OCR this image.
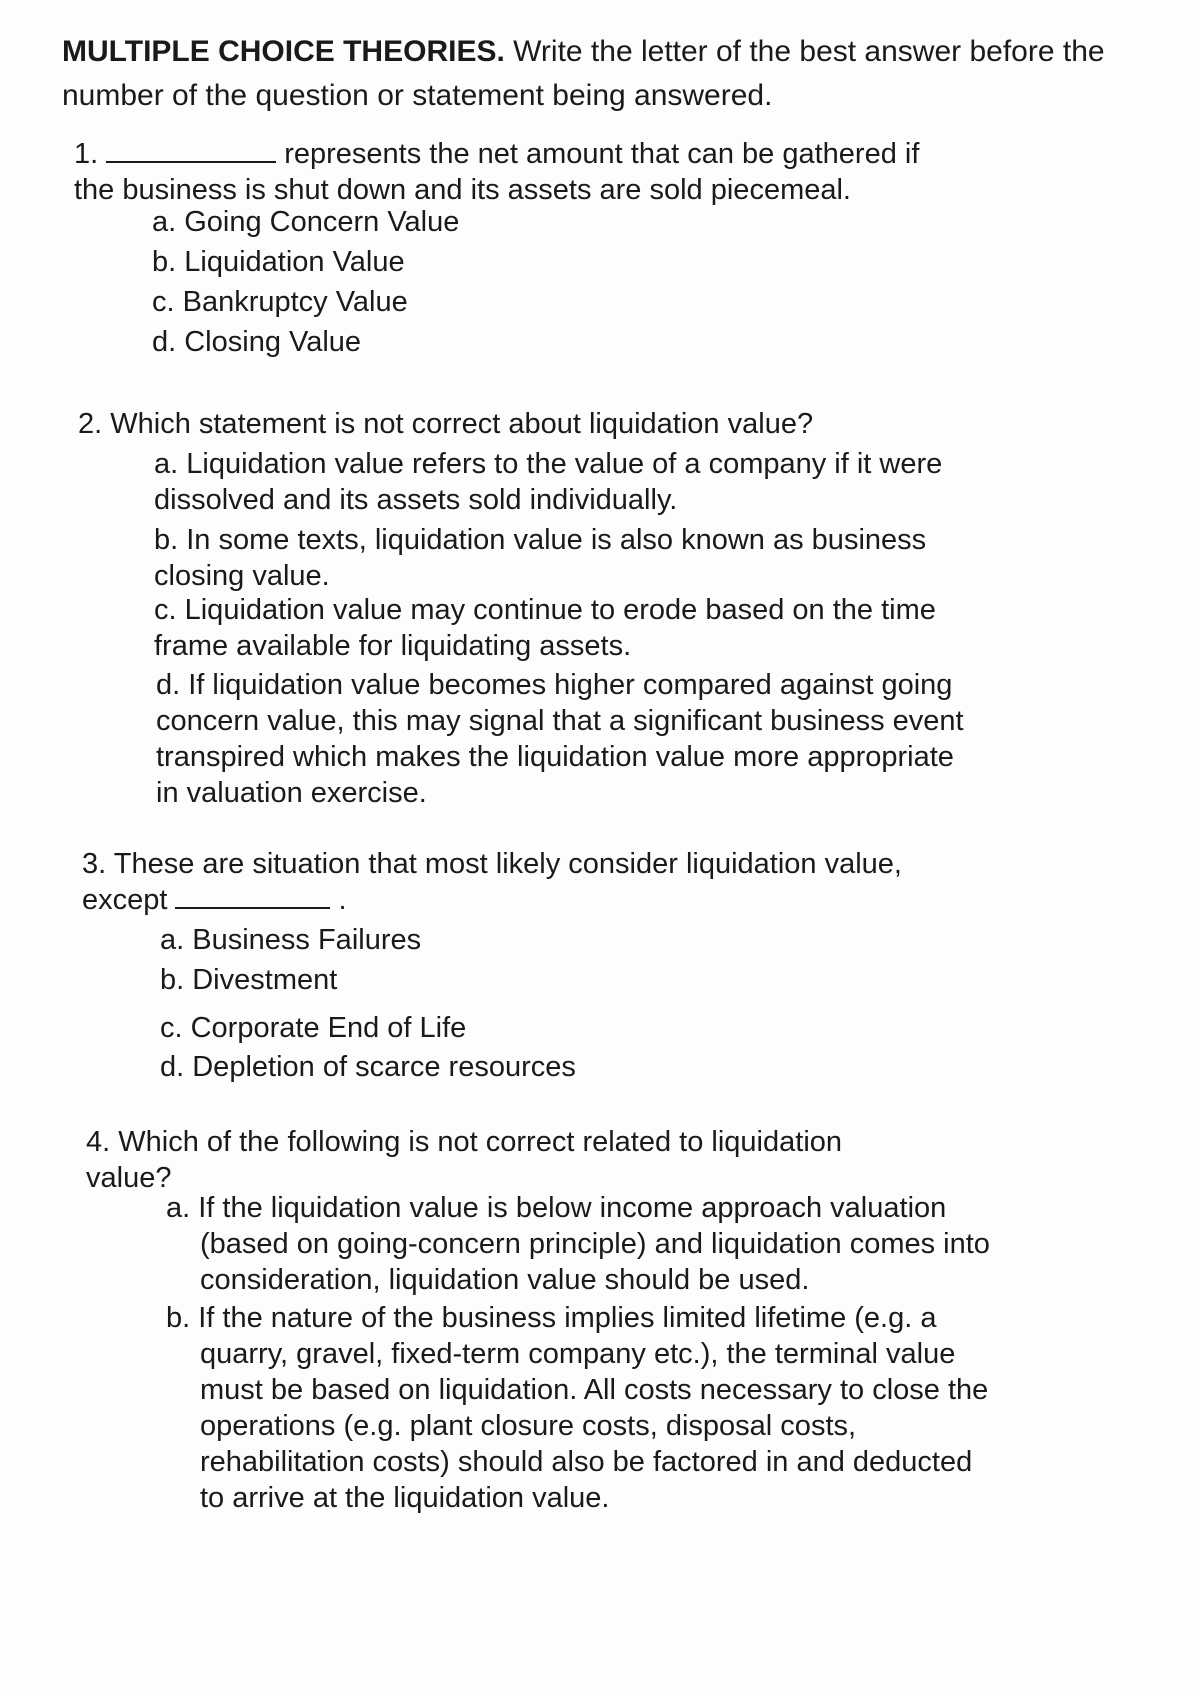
MULTIPLE CHOICE THEORIES. Write the letter of the best answer before the number of the question or statement being answered.
1.	represents the net amount that can be gathered if the business is shut down and its assets are sold piecemeal.
a. Going Concern Value
b. Liquidation Value
c. Bankruptcy Value
d. Closing Value
2. Which statement is not correct about liquidation value?
a. Liquidation value refers to the value of a company if it were dissolved and its assets sold individually.
b. In some texts, liquidation value is also known as business closing value.
c. Liquidation value may continue to erode based on the time frame available for liquidating assets.
d. If liquidation value becomes higher compared against going concern value, this may signal that a significant business event transpired which makes the liquidation value more appropriate in valuation exercise.
3. These are situation that most likely consider liquidation value,
except	.
a. Business Failures
b. Divestment
c. Corporate End of Life
d. Depletion of scarce resources
4. Which of the following is not correct related to liquidation value?
a. If the liquidation value is below income approach valuation (based on going-concern principle) and liquidation comes into consideration, liquidation value should be used.
b. If the nature of the business implies limited lifetime (e.g. a quarry, gravel, fixed-term company etc.), the terminal value must be based on liquidation. All costs necessary to close the operations (e.g. plant closure costs, disposal costs, rehabilitation costs) should also be factored in and deducted to arrive at the liquidation value.
